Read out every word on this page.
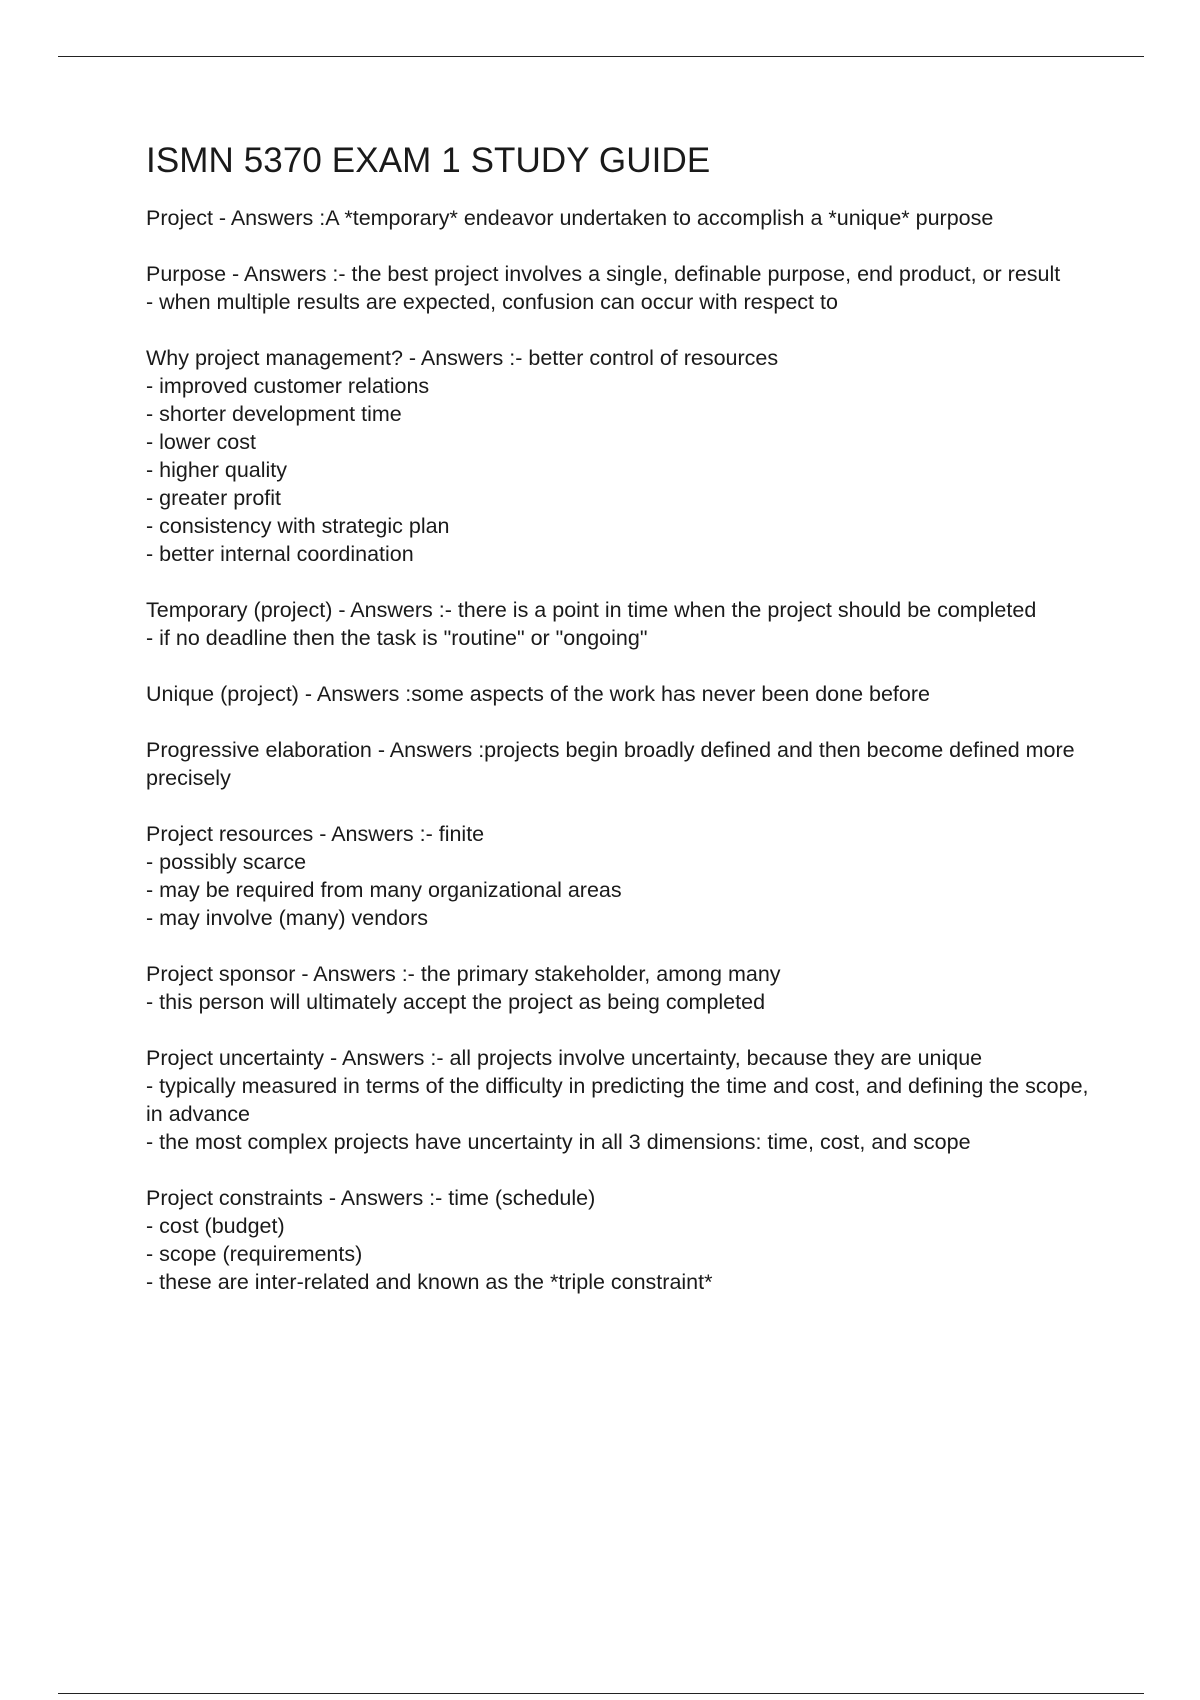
ISMN 5370 EXAM 1 STUDY GUIDE
Project - Answers :A *temporary* endeavor undertaken to accomplish a *unique* purpose
Purpose - Answers :- the best project involves a single, definable purpose, end product, or result
- when multiple results are expected, confusion can occur with respect to
Why project management? - Answers :- better control of resources
- improved customer relations
- shorter development time
- lower cost
- higher quality
- greater profit
- consistency with strategic plan
- better internal coordination
Temporary (project) - Answers :- there is a point in time when the project should be completed
- if no deadline then the task is "routine" or "ongoing"
Unique (project) - Answers :some aspects of the work has never been done before
Progressive elaboration - Answers :projects begin broadly defined and then become defined more precisely
Project resources - Answers :- finite
- possibly scarce
- may be required from many organizational areas
- may involve (many) vendors
Project sponsor - Answers :- the primary stakeholder, among many
- this person will ultimately accept the project as being completed
Project uncertainty - Answers :- all projects involve uncertainty, because they are unique
- typically measured in terms of the difficulty in predicting the time and cost, and defining the scope, in advance
- the most complex projects have uncertainty in all 3 dimensions: time, cost, and scope
Project constraints - Answers :- time (schedule)
- cost (budget)
- scope (requirements)
- these are inter-related and known as the *triple constraint*
